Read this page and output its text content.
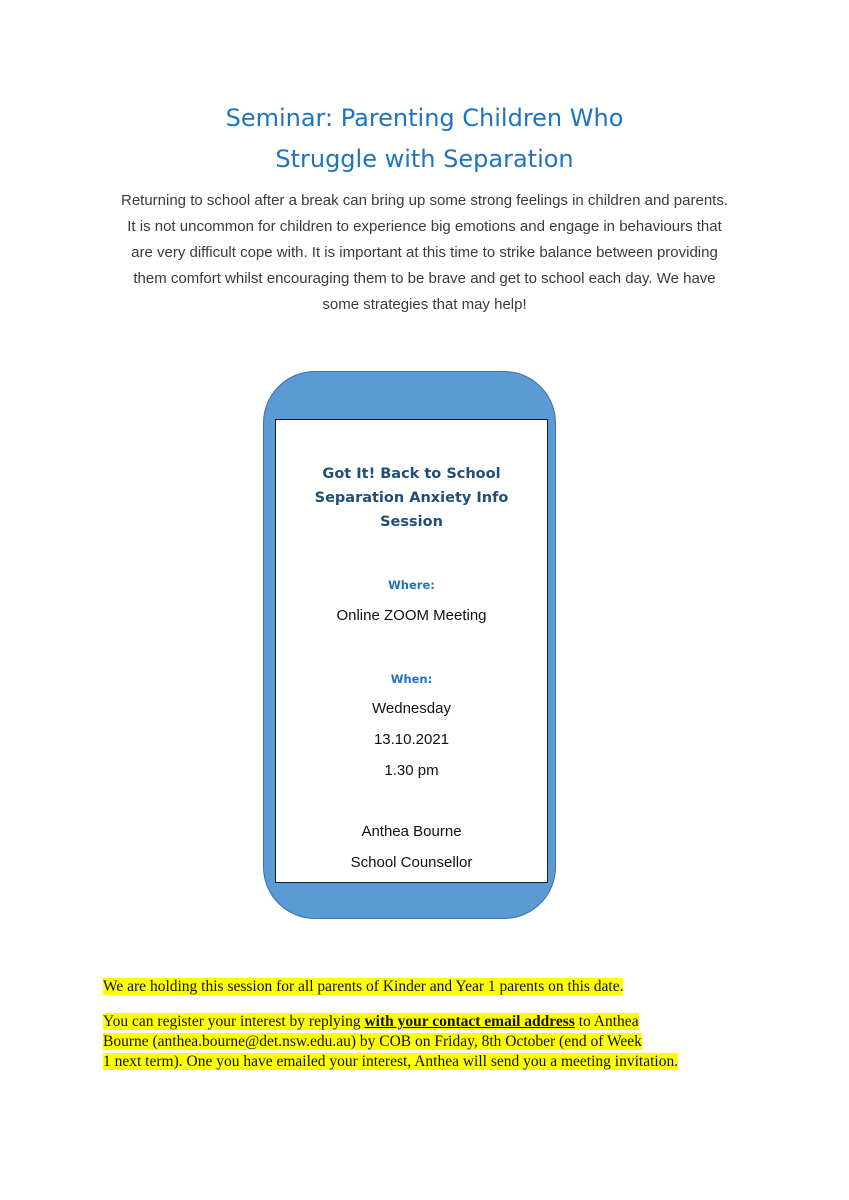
Seminar: Parenting Children Who
Struggle with Separation
Returning to school after a break can bring up some strong feelings in children and parents.
It is not uncommon for children to experience big emotions and engage in behaviours that
are very difficult cope with. It is important at this time to strike balance between providing
them comfort whilst encouraging them to be brave and get to school each day. We have
some strategies that may help!
Got It! Back to School
Separation Anxiety Info
Session
Where:
Online ZOOM Meeting
When:
Wednesday
13.10.2021
1.30 pm
Anthea Bourne
School Counsellor
We are holding this session for all parents of Kinder and Year 1 parents on this date.
You can register your interest by replying with your contact email address to Anthea
Bourne (anthea.bourne@det.nsw.edu.au) by COB on Friday, 8th October (end of Week
1 next term). One you have emailed your interest, Anthea will send you a meeting invitation.
